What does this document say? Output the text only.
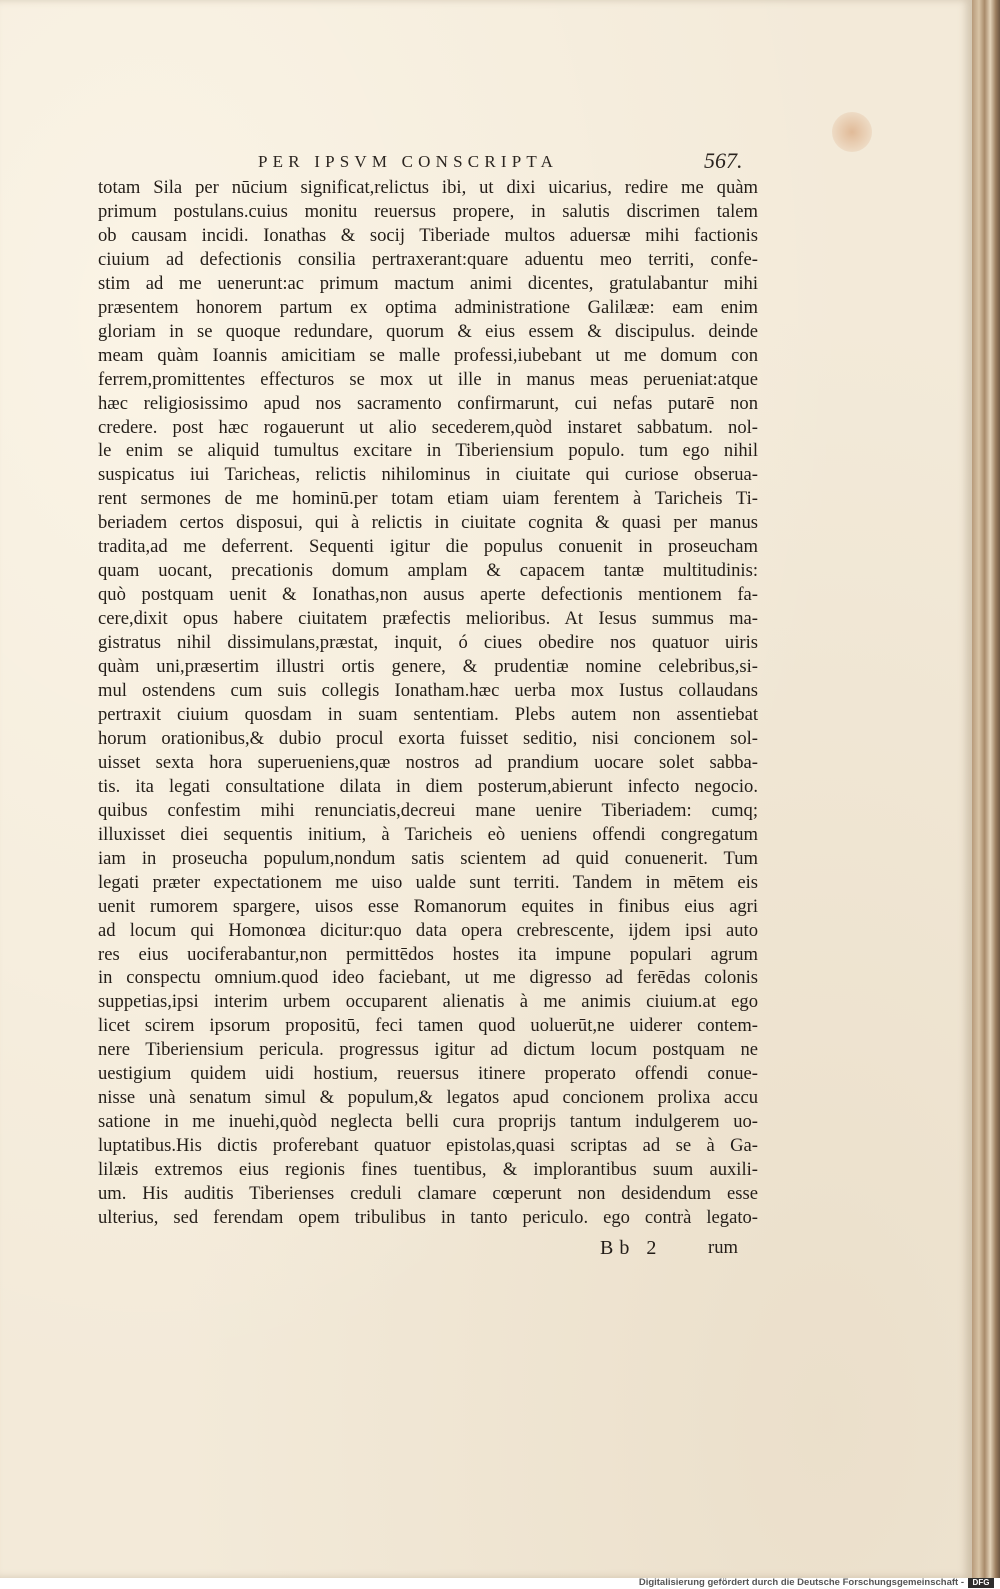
PER IPSVM CONSCRIPTA	567.
totam Sila per nūcium significat,relictus ibi, ut dixi uicarius, redire me quàm
primum postulans.cuius monitu reuersus propere, in salutis discrimen talem
ob causam incidi. Ionathas & socij Tiberiade multos aduersæ mihi factionis
ciuium ad defectionis consilia pertraxerant:quare aduentu meo territi, confe-
stim ad me uenerunt:ac primum mactum animi dicentes, gratulabantur mihi
præsentem honorem partum ex optima administratione Galilææ: eam enim
gloriam in se quoque redundare, quorum & eius essem & discipulus. deinde
meam quàm Ioannis amicitiam se malle professi,iubebant ut me domum con
ferrem,promittentes effecturos se mox ut ille in manus meas perueniat:atque
hæc religiosissimo apud nos sacramento confirmarunt, cui nefas putarē non
credere. post hæc rogauerunt ut alio secederem,quòd instaret sabbatum. nol-
le enim se aliquid tumultus excitare in Tiberiensium populo. tum ego nihil
suspicatus iui Taricheas, relictis nihilominus in ciuitate qui curiose obserua-
rent sermones de me hominū.per totam etiam uiam ferentem à Taricheis Ti-
beriadem certos disposui, qui à relictis in ciuitate cognita & quasi per manus
tradita,ad me deferrent. Sequenti igitur die populus conuenit in proseucham
quam uocant, precationis domum amplam & capacem tantæ multitudinis:
quò postquam uenit & Ionathas,non ausus aperte defectionis mentionem fa-
cere,dixit opus habere ciuitatem præfectis melioribus. At Iesus summus ma-
gistratus nihil dissimulans,præstat, inquit, ó ciues obedire nos quatuor uiris
quàm uni,præsertim illustri ortis genere, & prudentiæ nomine celebribus,si-
mul ostendens cum suis collegis Ionatham.hæc uerba mox Iustus collaudans
pertraxit ciuium quosdam in suam sententiam. Plebs autem non assentiebat
horum orationibus,& dubio procul exorta fuisset seditio, nisi concionem sol-
uisset sexta hora superueniens,quæ nostros ad prandium uocare solet sabba-
tis. ita legati consultatione dilata in diem posterum,abierunt infecto negocio.
quibus confestim mihi renunciatis,decreui mane uenire Tiberiadem: cumq;
illuxisset diei sequentis initium, à Taricheis eò ueniens offendi congregatum
iam in proseucha populum,nondum satis scientem ad quid conuenerit. Tum
legati præter expectationem me uiso ualde sunt territi. Tandem in mētem eis
uenit rumorem spargere, uisos esse Romanorum equites in finibus eius agri
ad locum qui Homonœa dicitur:quo data opera crebrescente, ijdem ipsi auto
res eius uociferabantur,non permittēdos hostes ita impune populari agrum
in conspectu omnium.quod ideo faciebant, ut me digresso ad ferēdas colonis
suppetias,ipsi interim urbem occuparent alienatis à me animis ciuium.at ego
licet scirem ipsorum propositū, feci tamen quod uoluerūt,ne uiderer contem-
nere Tiberiensium pericula. progressus igitur ad dictum locum postquam ne
uestigium quidem uidi hostium, reuersus itinere properato offendi conue-
nisse unà senatum simul & populum,& legatos apud concionem prolixa accu
satione in me inuehi,quòd neglecta belli cura proprijs tantum indulgerem uo-
luptatibus.His dictis proferebant quatuor epistolas,quasi scriptas ad se à Ga-
lilæis extremos eius regionis fines tuentibus, & implorantibus suum auxili-
um. His auditis Tiberienses creduli clamare cœperunt non desidendum esse
ulterius, sed ferendam opem tribulibus in tanto periculo. ego contrà legato-
Bb 2 rum
Digitalisierung gefördert durch die Deutsche Forschungsgemeinschaft -	DFG
